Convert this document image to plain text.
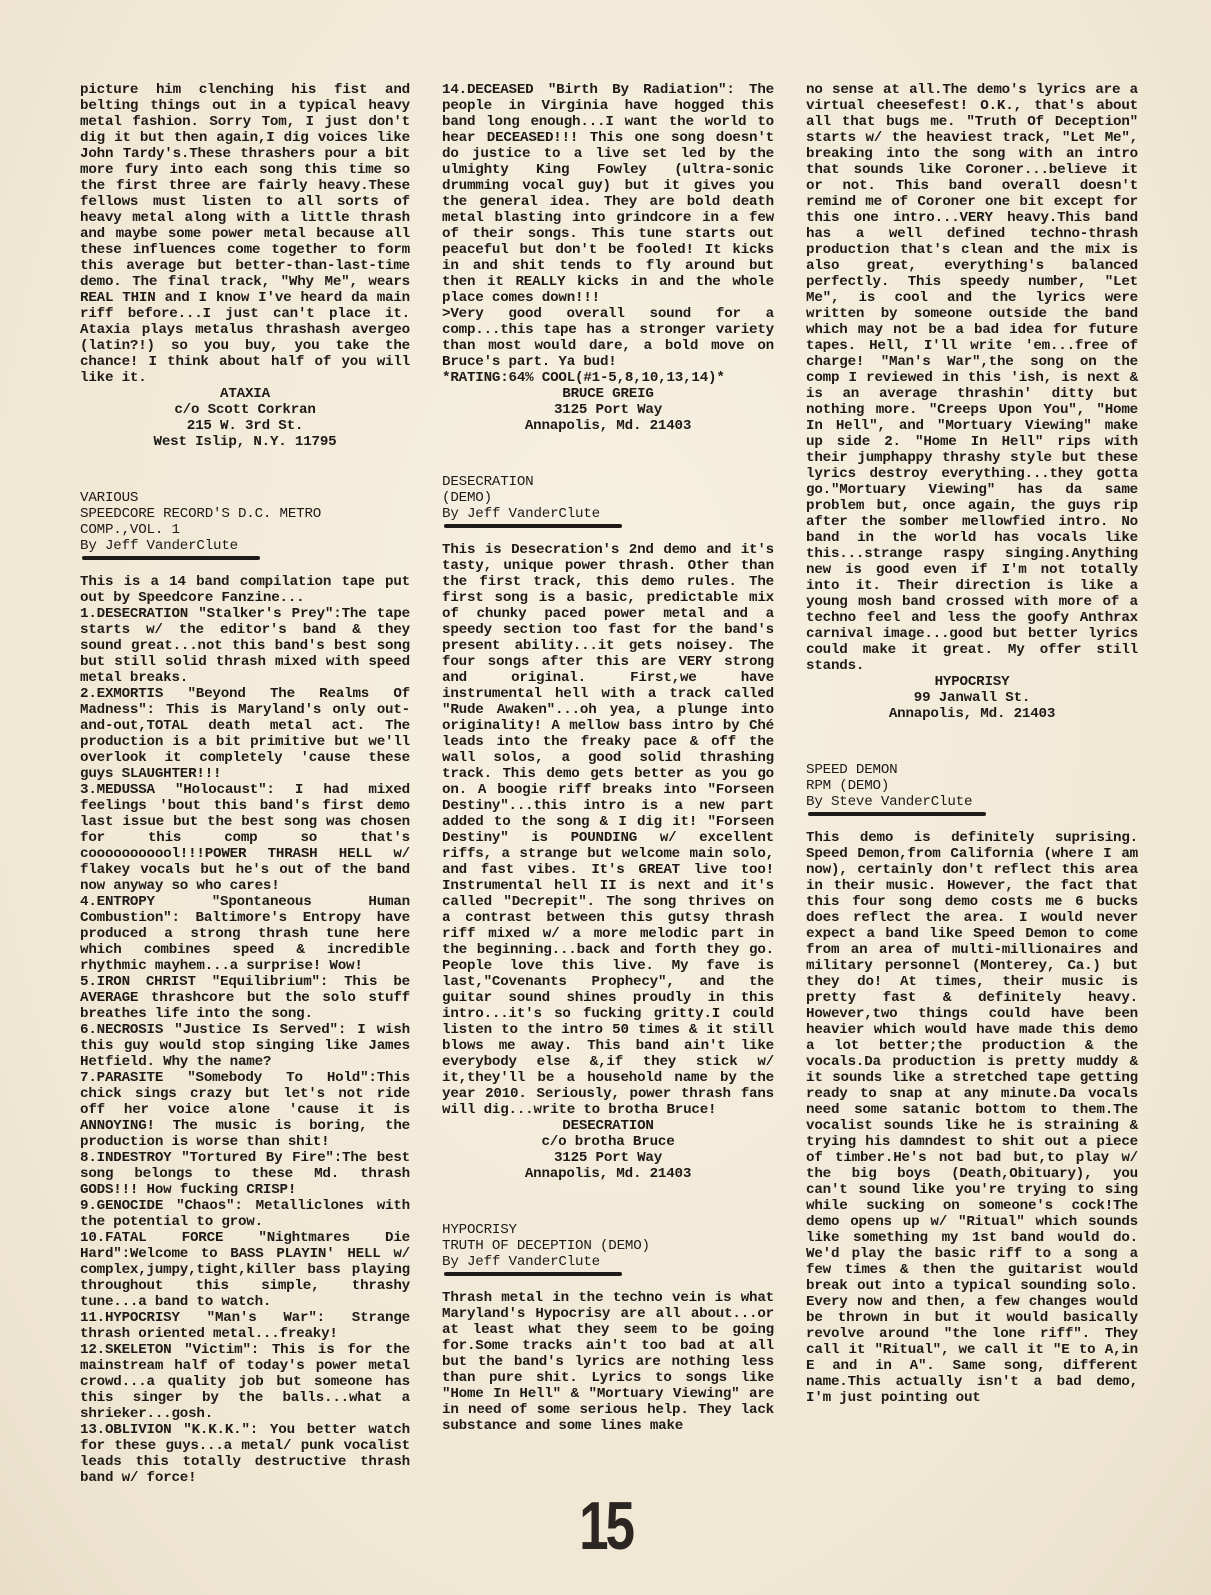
picture him clenching his fist and belting things out in a typical heavy metal fashion. Sorry Tom, I just don't dig it but then again,I dig voices like John Tardy's.These thrashers pour a bit more fury into each song this time so the first three are fairly heavy.These fellows must listen to all sorts of heavy metal along with a little thrash and maybe some power metal because all these influences come together to form this average but better-than-last-time demo. The final track, "Why Me", wears REAL THIN and I know I've heard da main riff before...I just can't place it. Ataxia plays metalus thrashash avergeo (latin?!) so you buy, you take the chance! I think about half of you will like it.

ATAXIA
c/o Scott Corkran
215 W. 3rd St.
West Islip, N.Y. 11795
VARIOUS
SPEEDCORE RECORD'S D.C. METRO
COMP.,VOL. 1
By Jeff VanderClute

This is a 14 band compilation tape put out by Speedcore Fanzine...
1.DESECRATION "Stalker's Prey":The tape starts w/ the editor's band & they sound great...not this band's best song but still solid thrash mixed with speed metal breaks.
2.EXMORTIS "Beyond The Realms Of Madness": This is Maryland's only out-and-out,TOTAL death metal act. The production is a bit primitive but we'll overlook it completely 'cause these guys SLAUGHTER!!!
3.MEDUSSA "Holocaust": I had mixed feelings 'bout this band's first demo last issue but the best song was chosen for this comp so that's cooooooooool!!!POWER THRASH HELL w/ flakey vocals but he's out of the band now anyway so who cares!
4.ENTROPY "Spontaneous Human Combustion": Baltimore's Entropy have produced a strong thrash tune here which combines speed & incredible rhythmic mayhem...a surprise! Wow!
5.IRON CHRIST "Equilibrium": This be AVERAGE thrashcore but the solo stuff breathes life into the song.
6.NECROSIS "Justice Is Served": I wish this guy would stop singing like James Hetfield. Why the name?
7.PARASITE "Somebody To Hold":This chick sings crazy but let's not ride off her voice alone 'cause it is ANNOYING! The music is boring, the production is worse than shit!
8.INDESTROY "Tortured By Fire":The best song belongs to these Md. thrash GODS!!! How fucking CRISP!
9.GENOCIDE "Chaos": Metalliclones with the potential to grow.
10.FATAL FORCE "Nightmares Die Hard":Welcome to BASS PLAYIN' HELL w/ complex,jumpy,tight,killer bass playing throughout this simple, thrashy tune...a band to watch.
11.HYPOCRISY "Man's War": Strange thrash oriented metal...freaky!
12.SKELETON "Victim": This is for the mainstream half of today's power metal crowd...a quality job but someone has this singer by the balls...what a shrieker...gosh.
13.OBLIVION "K.K.K.": You better watch for these guys...a metal/ punk vocalist leads this totally destructive thrash band w/ force!

14.DECEASED "Birth By Radiation": The people in Virginia have hogged this band long enough...I want the world to hear DECEASED!!! This one song doesn't do justice to a live set led by the ulmighty King Fowley (ultra-sonic drumming vocal guy) but it gives you the general idea. They are bold death metal blasting into grindcore in a few of their songs. This tune starts out peaceful but don't be fooled! It kicks in and shit tends to fly around but then it REALLY kicks in and the whole place comes down!!!
>Very good overall sound for a comp...this tape has a stronger variety than most would dare, a bold move on Bruce's part. Ya bud!
*RATING:64% COOL(#1-5,8,10,13,14)*

BRUCE GREIG
3125 Port Way
Annapolis, Md. 21403
DESECRATION
(DEMO)
By Jeff VanderClute

This is Desecration's 2nd demo and it's tasty, unique power thrash. Other than the first track, this demo rules. The first song is a basic, predictable mix of chunky paced power metal and a speedy section too fast for the band's present ability...it gets noisey. The four songs after this are VERY strong and original. First,we have instrumental hell with a track called "Rude Awaken"...oh yea, a plunge into originality! A mellow bass intro by Ché leads into the freaky pace & off the wall solos, a good solid thrashing track. This demo gets better as you go on. A boogie riff breaks into "Forseen Destiny"...this intro is a new part added to the song & I dig it! "Forseen Destiny" is POUNDING w/ excellent riffs, a strange but welcome main solo, and fast vibes. It's GREAT live too! Instrumental hell II is next and it's called "Decrepit". The song thrives on a contrast between this gutsy thrash riff mixed w/ a more melodic part in the beginning...back and forth they go. People love this live. My fave is last,"Covenants Prophecy", and the guitar sound shines proudly in this intro...it's so fucking gritty.I could listen to the intro 50 times & it still blows me away. This band ain't like everybody else &,if they stick w/ it,they'll be a household name by the year 2010. Seriously, power thrash fans will dig...write to brotha Bruce!

DESECRATION
c/o brotha Bruce
3125 Port Way
Annapolis, Md. 21403
HYPOCRISY
TRUTH OF DECEPTION (DEMO)
By Jeff VanderClute

Thrash metal in the techno vein is what Maryland's Hypocrisy are all about...or at least what they seem to be going for.Some tracks ain't too bad at all but the band's lyrics are nothing less than pure shit. Lyrics to songs like "Home In Hell" & "Mortuary Viewing" are in need of some serious help. They lack substance and some lines make

no sense at all.The demo's lyrics are a virtual cheesefest! O.K., that's about all that bugs me. "Truth Of Deception" starts w/ the heaviest track, "Let Me", breaking into the song with an intro that sounds like Coroner...believe it or not. This band overall doesn't remind me of Coroner one bit except for this one intro...VERY heavy.This band has a well defined techno-thrash production that's clean and the mix is also great, everything's balanced perfectly. This speedy number, "Let Me", is cool and the lyrics were written by someone outside the band which may not be a bad idea for future tapes. Hell, I'll write 'em...free of charge! "Man's War",the song on the comp I reviewed in this 'ish, is next & is an average thrashin' ditty but nothing more. "Creeps Upon You", "Home In Hell", and "Mortuary Viewing" make up side 2. "Home In Hell" rips with their jumphappy thrashy style but these lyrics destroy everything...they gotta go."Mortuary Viewing" has da same problem but, once again, the guys rip after the somber mellowfied intro. No band in the world has vocals like this...strange raspy singing.Anything new is good even if I'm not totally into it. Their direction is like a young mosh band crossed with more of a techno feel and less the goofy Anthrax carnival image...good but better lyrics could make it great. My offer still stands.

HYPOCRISY
99 Janwall St.
Annapolis, Md. 21403
SPEED DEMON
RPM (DEMO)
By Steve VanderClute

This demo is definitely suprising. Speed Demon,from California (where I am now), certainly don't reflect this area in their music. However, the fact that this four song demo costs me 6 bucks does reflect the area. I would never expect a band like Speed Demon to come from an area of multi-millionaires and military personnel (Monterey, Ca.) but they do! At times, their music is pretty fast & definitely heavy. However,two things could have been heavier which would have made this demo a lot better;the production & the vocals.Da production is pretty muddy & it sounds like a stretched tape getting ready to snap at any minute.Da vocals need some satanic bottom to them.The vocalist sounds like he is straining & trying his damndest to shit out a piece of timber.He's not bad but,to play w/ the big boys (Death,Obituary), you can't sound like you're trying to sing while sucking on someone's cock!The demo opens up w/ "Ritual" which sounds like something my 1st band would do. We'd play the basic riff to a song a few times & then the guitarist would break out into a typical sounding solo. Every now and then, a few changes would be thrown in but it would basically revolve around "the lone riff". They call it "Ritual", we call it "E to A,in E and in A". Same song, different name.This actually isn't a bad demo, I'm just pointing out

15
